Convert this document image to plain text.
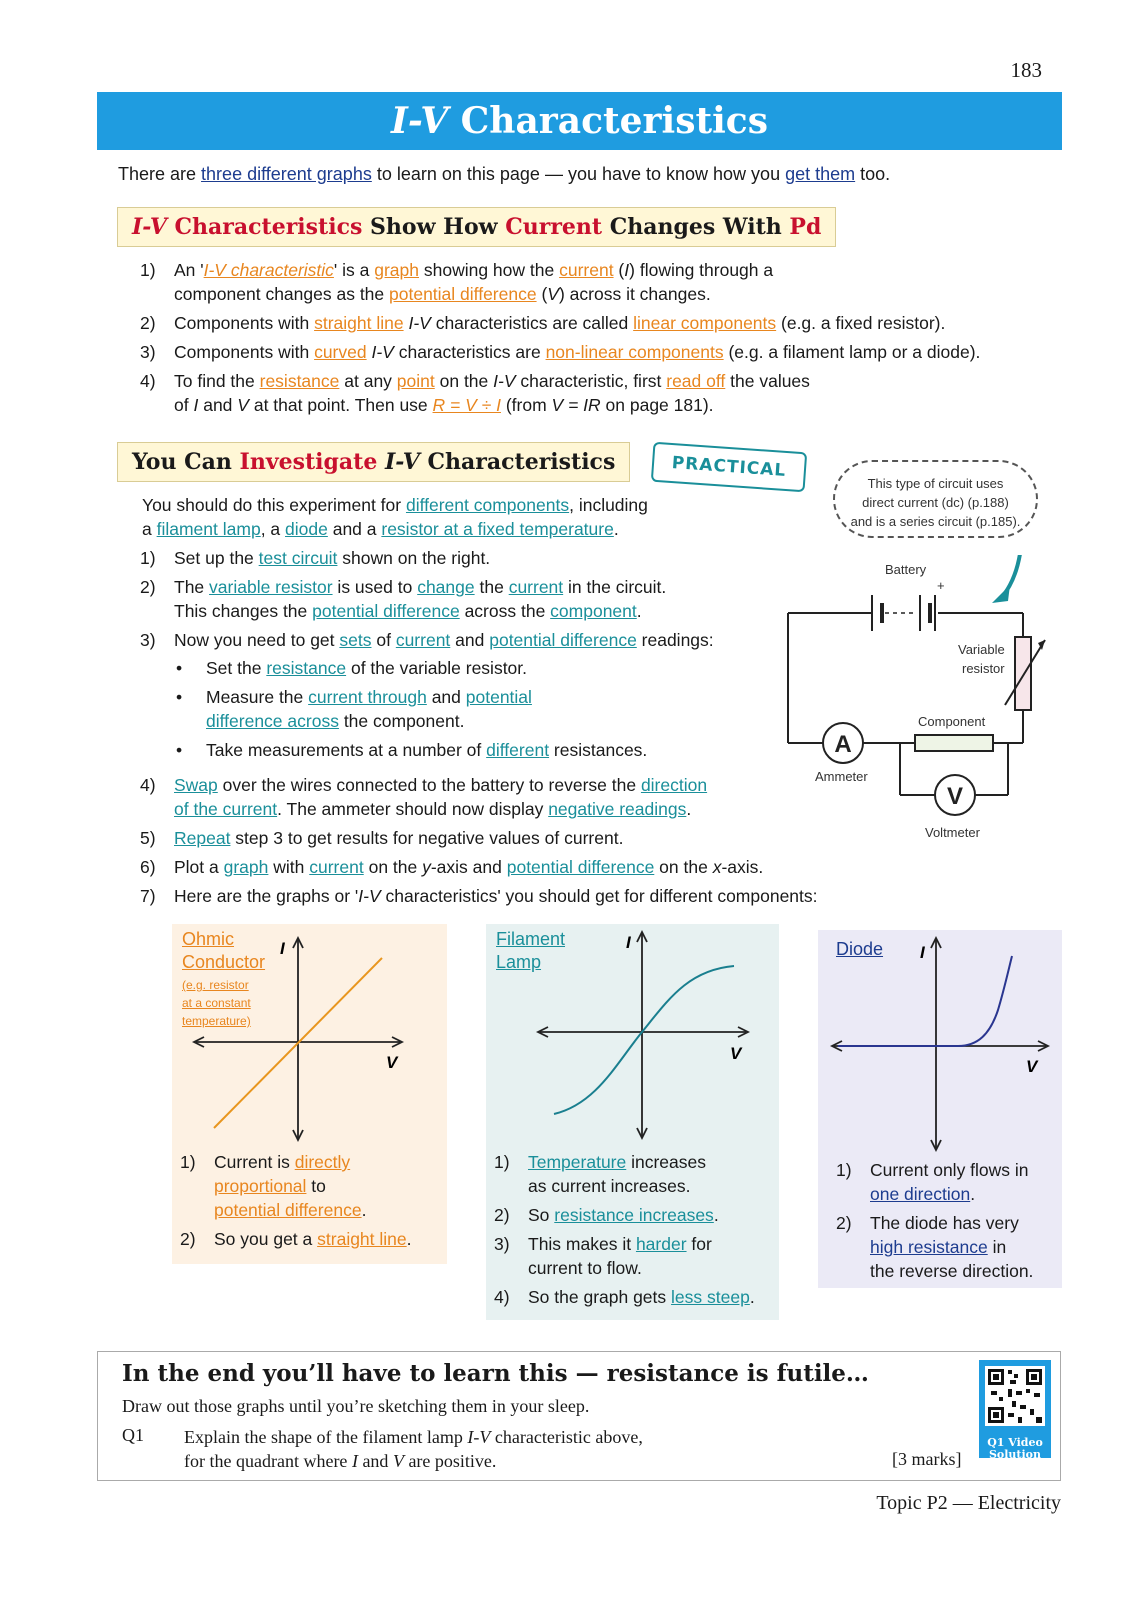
183
I-V Characteristics
There are three different graphs to learn on this page — you have to know how you get them too.
I-V Characteristics Show How Current Changes With Pd
1) An 'I-V characteristic' is a graph showing how the current (I) flowing through a
component changes as the potential difference (V) across it changes.
2) Components with straight line I-V characteristics are called linear components (e.g. a fixed resistor).
3) Components with curved I-V characteristics are non-linear components (e.g. a filament lamp or a diode).
4) To find the resistance at any point on the I-V characteristic, first read off the values
of I and V at that point. Then use R = V ÷ I (from V = IR on page 181).
You Can Investigate I-V Characteristics	PRACTICAL
This type of circuit uses
direct current (dc) (p.188)
and is a series circuit (p.185).
You should do this experiment for different components, including
a filament lamp, a diode and a resistor at a fixed temperature.
1) Set up the test circuit shown on the right.
2) The variable resistor is used to change the current in the circuit.
This changes the potential difference across the component.
3) Now you need to get sets of current and potential difference readings:
• Set the resistance of the variable resistor.
• Measure the current through and potential
difference across the component.
• Take measurements at a number of different resistances.
4) Swap over the wires connected to the battery to reverse the direction
of the current. The ammeter should now display negative readings.
5) Repeat step 3 to get results for negative values of current.
6) Plot a graph with current on the y-axis and potential difference on the x-axis.
7) Here are the graphs or 'I-V characteristics' you should get for different components:
Battery
+
Variable
resistor
Component
A
Ammeter
V
Voltmeter
Ohmic
Conductor
(e.g. resistor
at a constant
temperature)
I
V
1) Current is directly
proportional to
potential difference.
2) So you get a straight line.
Filament
Lamp
I
V
1) Temperature increases
as current increases.
2) So resistance increases.
3) This makes it harder for
current to flow.
4) So the graph gets less steep.
Diode I
V
1) Current only flows in
one direction.
2) The diode has very
high resistance in
the reverse direction.
In the end you’ll have to learn this — resistance is futile…
Draw out those graphs until you’re sketching them in your sleep.
Q1 Explain the shape of the filament lamp I-V characteristic above,
for the quadrant where I and V are positive.	[3 marks]
Q1 Video
Solution
Topic P2 — Electricity
